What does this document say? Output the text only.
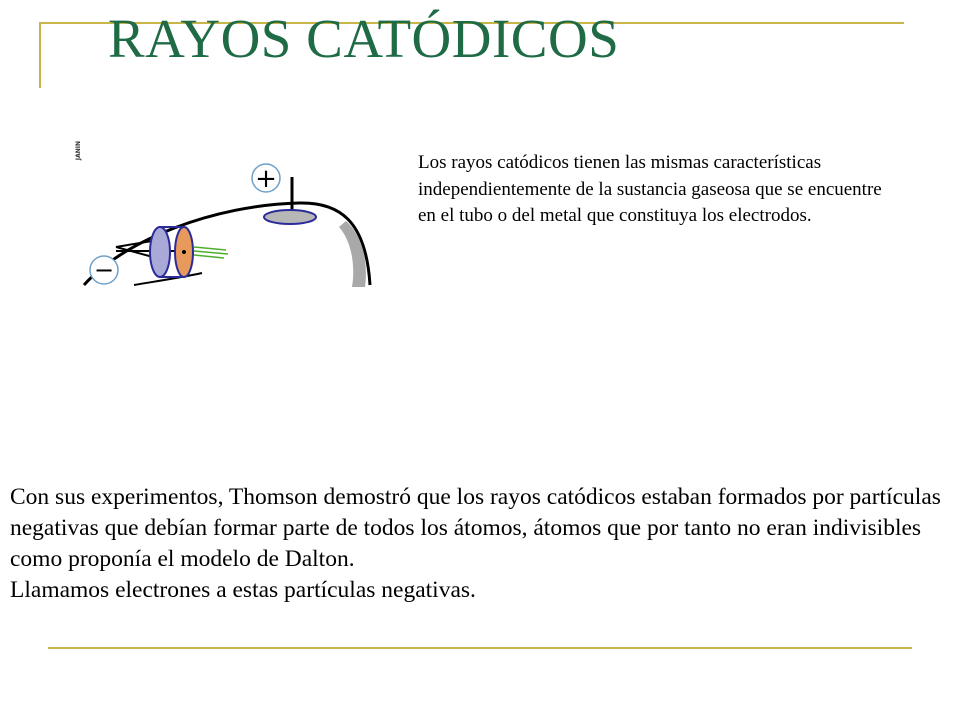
RAYOS CATÓDICOS
JANIN
+
−
Los rayos catódicos tienen las mismas características independientemente de la sustancia gaseosa que se encuentre en el tubo o del metal que constituya los electrodos.

Con sus experimentos, Thomson demostró que los rayos catódicos estaban formados por partículas negativas que debían formar parte de todos los átomos, átomos que por tanto no eran indivisibles como proponía el modelo de Dalton.

Llamamos electrones a estas partículas negativas.
